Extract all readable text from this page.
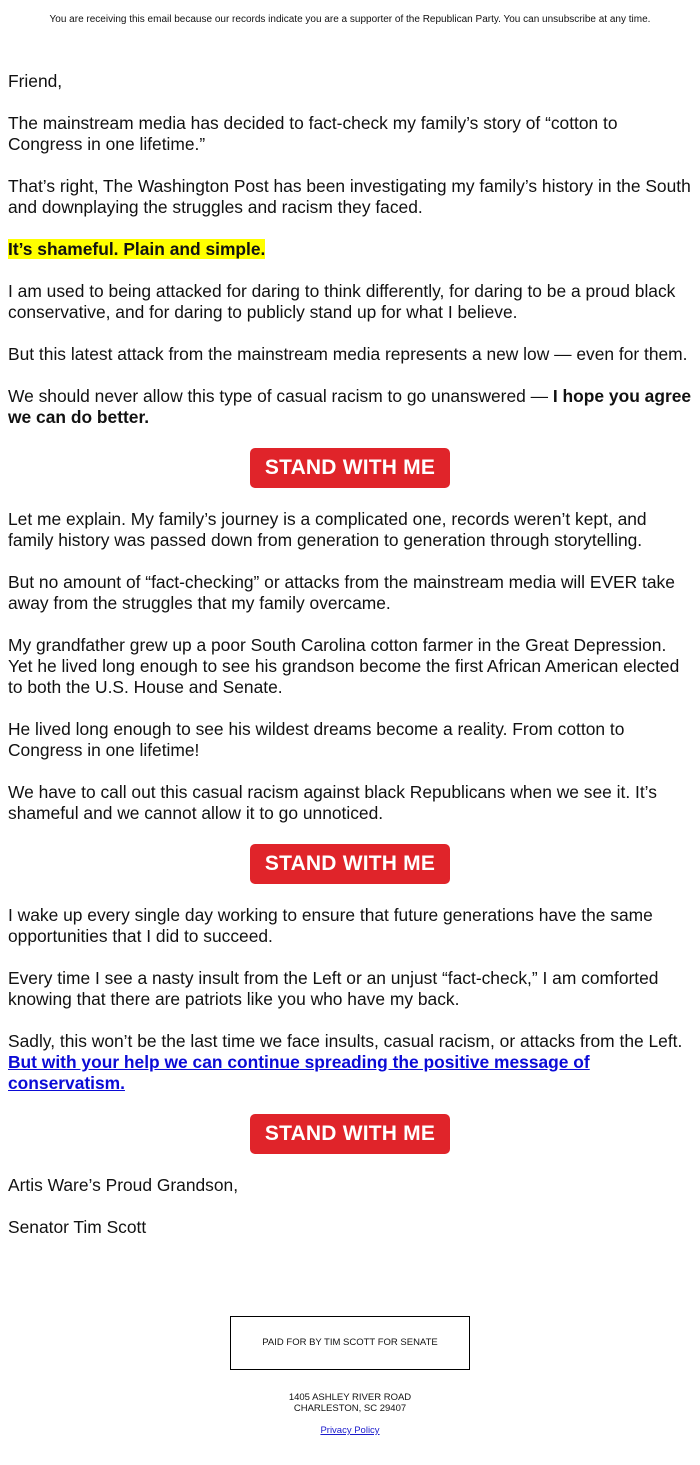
You are receiving this email because our records indicate you are a supporter of the Republican Party. You can unsubscribe at any time.

Friend,

The mainstream media has decided to fact-check my family’s story of “cotton to Congress in one lifetime.”

That’s right, The Washington Post has been investigating my family’s history in the South and downplaying the struggles and racism they faced.

It’s shameful. Plain and simple.

I am used to being attacked for daring to think differently, for daring to be a proud black conservative, and for daring to publicly stand up for what I believe.

But this latest attack from the mainstream media represents a new low — even for them.

We should never allow this type of casual racism to go unanswered — I hope you agree we can do better.

STAND WITH ME

Let me explain. My family’s journey is a complicated one, records weren’t kept, and family history was passed down from generation to generation through storytelling.

But no amount of “fact-checking” or attacks from the mainstream media will EVER take away from the struggles that my family overcame.

My grandfather grew up a poor South Carolina cotton farmer in the Great Depression. Yet he lived long enough to see his grandson become the first African American elected to both the U.S. House and Senate.

He lived long enough to see his wildest dreams become a reality. From cotton to Congress in one lifetime!

We have to call out this casual racism against black Republicans when we see it. It’s shameful and we cannot allow it to go unnoticed.

STAND WITH ME

I wake up every single day working to ensure that future generations have the same opportunities that I did to succeed.

Every time I see a nasty insult from the Left or an unjust “fact-check,” I am comforted knowing that there are patriots like you who have my back.

Sadly, this won’t be the last time we face insults, casual racism, or attacks from the Left. But with your help we can continue spreading the positive message of conservatism.

STAND WITH ME

Artis Ware’s Proud Grandson,

Senator Tim Scott

PAID FOR BY TIM SCOTT FOR SENATE
1405 ASHLEY RIVER ROAD
CHARLESTON, SC 29407
Privacy Policy
